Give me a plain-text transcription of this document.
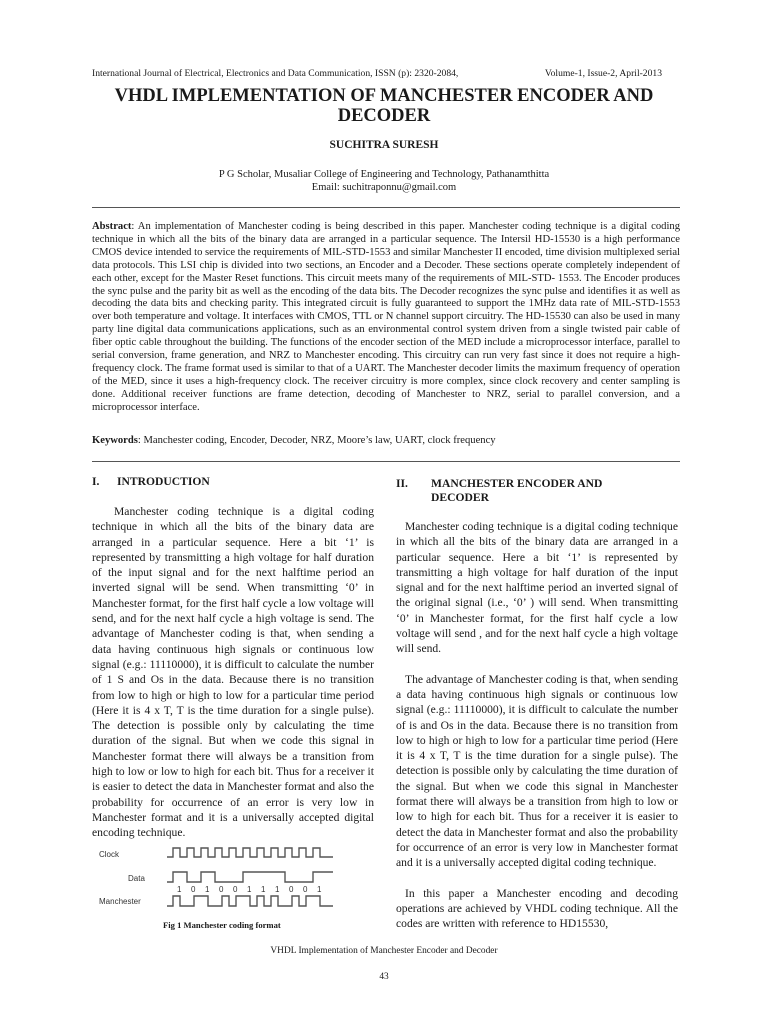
International Journal of Electrical, Electronics and Data Communication, ISSN (p): 2320-2084,	Volume-1, Issue-2, April-2013
VHDL IMPLEMENTATION OF MANCHESTER ENCODER AND
DECODER
SUCHITRA SURESH
P G Scholar, Musaliar College of Engineering and Technology, Pathanamthitta
Email: suchitraponnu@gmail.com
Abstract: An implementation of Manchester coding is being described in this paper. Manchester coding technique is a digital coding technique in which all the bits of the binary data are arranged in a particular sequence. The Intersil HD-15530 is a high performance CMOS device intended to service the requirements of MIL-STD-1553 and similar Manchester II encoded, time division multiplexed serial data protocols. This LSI chip is divided into two sections, an Encoder and a Decoder. These sections operate completely independent of each other, except for the Master Reset functions. This circuit meets many of the requirements of MIL-STD- 1553. The Encoder produces the sync pulse and the parity bit as well as the encoding of the data bits. The Decoder recognizes the sync pulse and identifies it as well as decoding the data bits and checking parity. This integrated circuit is fully guaranteed to support the 1MHz data rate of MIL-STD-1553 over both temperature and voltage. It interfaces with CMOS, TTL or N channel support circuitry. The HD-15530 can also be used in many party line digital data communications applications, such as an environmental control system driven from a single twisted pair cable of fiber optic cable throughout the building. The functions of the encoder section of the MED include a microprocessor interface, parallel to serial conversion, frame generation, and NRZ to Manchester encoding. This circuitry can run very fast since it does not require a high-frequency clock. The frame format used is similar to that of a UART. The Manchester decoder limits the maximum frequency of operation of the MED, since it uses a high-frequency clock. The receiver circuitry is more complex, since clock recovery and center sampling is done. Additional receiver functions are frame detection, decoding of Manchester to NRZ, serial to parallel conversion, and a microprocessor interface.
Keywords: Manchester coding, Encoder, Decoder, NRZ, Moore’s law, UART, clock frequency
I. INTRODUCTION

Manchester coding technique is a digital coding technique in which all the bits of the binary data are arranged in a particular sequence. Here a bit ‘1’ is represented by transmitting a high voltage for half duration of the input signal and for the next halftime period an inverted signal will be send. When transmitting ‘0’ in Manchester format, for the first half cycle a low voltage will send, and for the next half cycle a high voltage is send. The advantage of Manchester coding is that, when sending a data having continuous high signals or continuous low signal (e.g.: 11110000), it is difficult to calculate the number of 1 S and Os in the data. Because there is no transition from low to high or high to low for a particular time period (Here it is 4 x T, T is the time duration for a single pulse). The detection is possible only by calculating the time duration of the signal. But when we code this signal in Manchester format there will always be a transition from high to low or low to high for each bit. Thus for a receiver it is easier to detect the data in Manchester format and also the probability for occurrence of an error is very low in Manchester format and it is a universally accepted digital encoding technique.

II. MANCHESTER ENCODER AND DECODER

Manchester coding technique is a digital coding technique in which all the bits of the binary data are arranged in a particular sequence. Here a bit ‘1’ is represented by transmitting a high voltage for half duration of the input signal and for the next halftime period an inverted signal of the original signal (i.e., ‘0’ ) will send. When transmitting ‘0’ in Manchester format, for the first half cycle a low voltage will send , and for the next half cycle a high voltage will send.

The advantage of Manchester coding is that, when sending a data having continuous high signals or continuous low signal (e.g.: 11110000), it is difficult to calculate the number of is and Os in the data. Because there is no transition from low to high or high to low for a particular time period (Here it is 4 x T, T is the time duration for a single pulse). The detection is possible only by calculating the time duration of the signal. But when we code this signal in Manchester format there will always be a transition from high to low or low to high for each bit. Thus for a receiver it is easier to detect the data in Manchester format and also the probability for occurrence of an error is very low in Manchester format and it is a universally accepted digital coding technique.

In this paper a Manchester encoding and decoding operations are achieved by VHDL coding technique. All the codes are written with reference to HD15530,

Clock
Data
Manchester
1 0 1 0 0 1 1 1 0 0 1
Fig 1 Manchester coding format
VHDL Implementation of Manchester Encoder and Decoder
43
